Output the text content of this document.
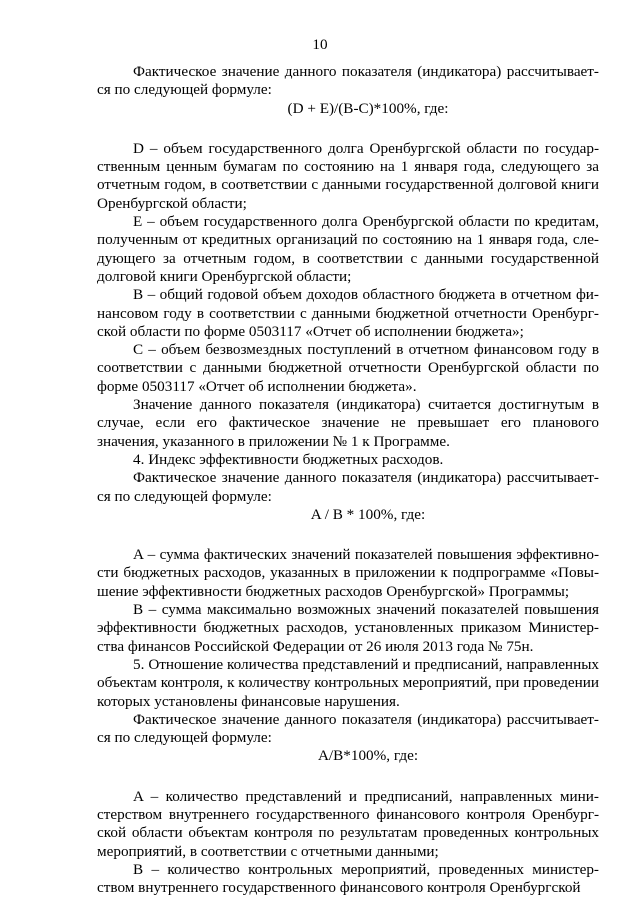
10

Фактическое значение данного показателя (индикатора) рассчитывает-ся по следующей формуле:

(D + E)/(B-C)*100%, где:

D – объем государственного долга Оренбургской области по государ-ственным ценным бумагам по состоянию на 1 января года, следующего за отчетным годом, в соответствии с данными государственной долговой книги Оренбургской области;

E – объем государственного долга Оренбургской области по кредитам, полученным от кредитных организаций по состоянию на 1 января года, сле-дующего за отчетным годом, в соответствии с данными государственной долговой книги Оренбургской области;

B – общий годовой объем доходов областного бюджета в отчетном фи-нансовом году в соответствии с данными бюджетной отчетности Оренбург-ской области по форме 0503117 «Отчет об исполнении бюджета»;

C – объем безвозмездных поступлений в отчетном финансовом году в соответствии с данными бюджетной отчетности Оренбургской области по форме 0503117 «Отчет об исполнении бюджета».

Значение данного показателя (индикатора) считается достигнутым в случае, если его фактическое значение не превышает его планового значения, указанного в приложении № 1 к Программе.

4. Индекс эффективности бюджетных расходов.

Фактическое значение данного показателя (индикатора) рассчитывает-ся по следующей формуле:

A / B * 100%, где:

A – сумма фактических значений показателей повышения эффективно-сти бюджетных расходов, указанных в приложении к подпрограмме «Повы-шение эффективности бюджетных расходов Оренбургской» Программы;

B – сумма максимально возможных значений показателей повышения эффективности бюджетных расходов, установленных приказом Министер-ства финансов Российской Федерации от 26 июля 2013 года № 75н.

5. Отношение количества представлений и предписаний, направленных объектам контроля, к количеству контрольных мероприятий, при проведении которых установлены финансовые нарушения.

Фактическое значение данного показателя (индикатора) рассчитывает-ся по следующей формуле:

A/B*100%, где:

A – количество представлений и предписаний, направленных мини-стерством внутреннего государственного финансового контроля Оренбург-ской области объектам контроля по результатам проведенных контрольных мероприятий, в соответствии с отчетными данными;

B – количество контрольных мероприятий, проведенных министер-ством внутреннего государственного финансового контроля Оренбургской
